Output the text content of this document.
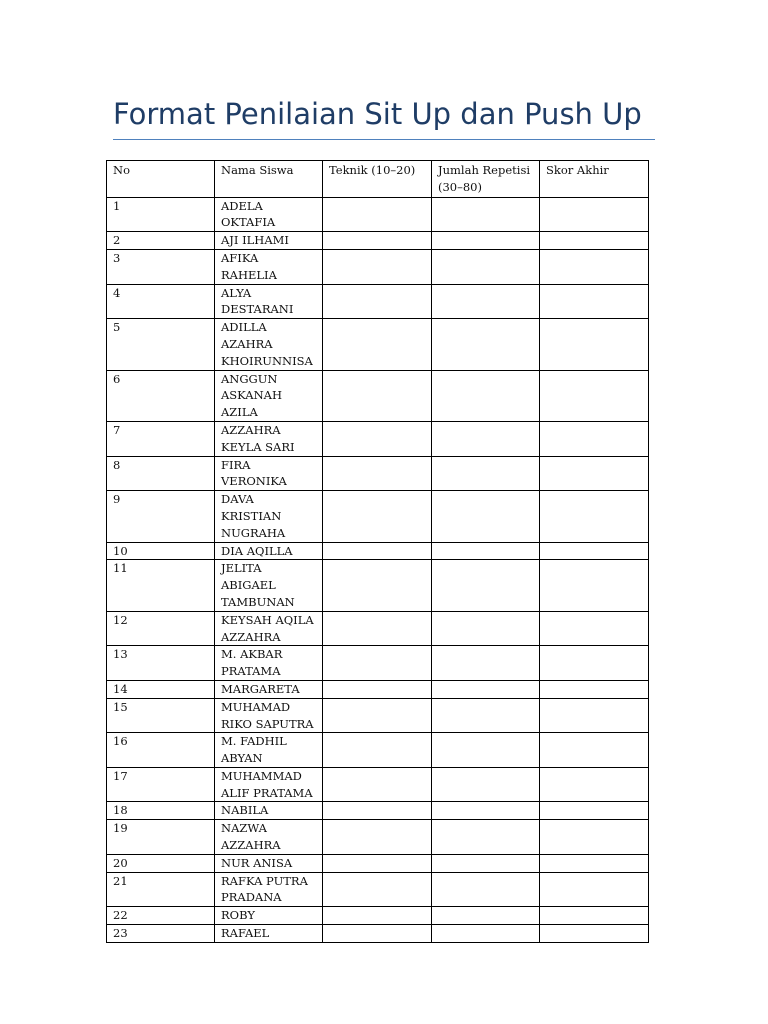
Format Penilaian Sit Up dan Push Up
No	Nama Siswa	Teknik (10–20)	Jumlah Repetisi (30–80)	Skor Akhir
1	ADELA OKTAFIA			
2	AJI ILHAMI			
3	AFIKA RAHELIA			
4	ALYA DESTARANI			
5	ADILLA AZAHRA KHOIRUNNISA			
6	ANGGUN ASKANAH AZILA			
7	AZZAHRA KEYLA SARI			
8	FIRA VERONIKA			
9	DAVA KRISTIAN NUGRAHA			
10	DIA AQILLA			
11	JELITA ABIGAEL TAMBUNAN			
12	KEYSAH AQILA AZZAHRA			
13	M. AKBAR PRATAMA			
14	MARGARETA			
15	MUHAMAD RIKO SAPUTRA			
16	M. FADHIL ABYAN			
17	MUHAMMAD ALIF PRATAMA			
18	NABILA			
19	NAZWA AZZAHRA			
20	NUR ANISA			
21	RAFKA PUTRA PRADANA			
22	ROBY			
23	RAFAEL			
